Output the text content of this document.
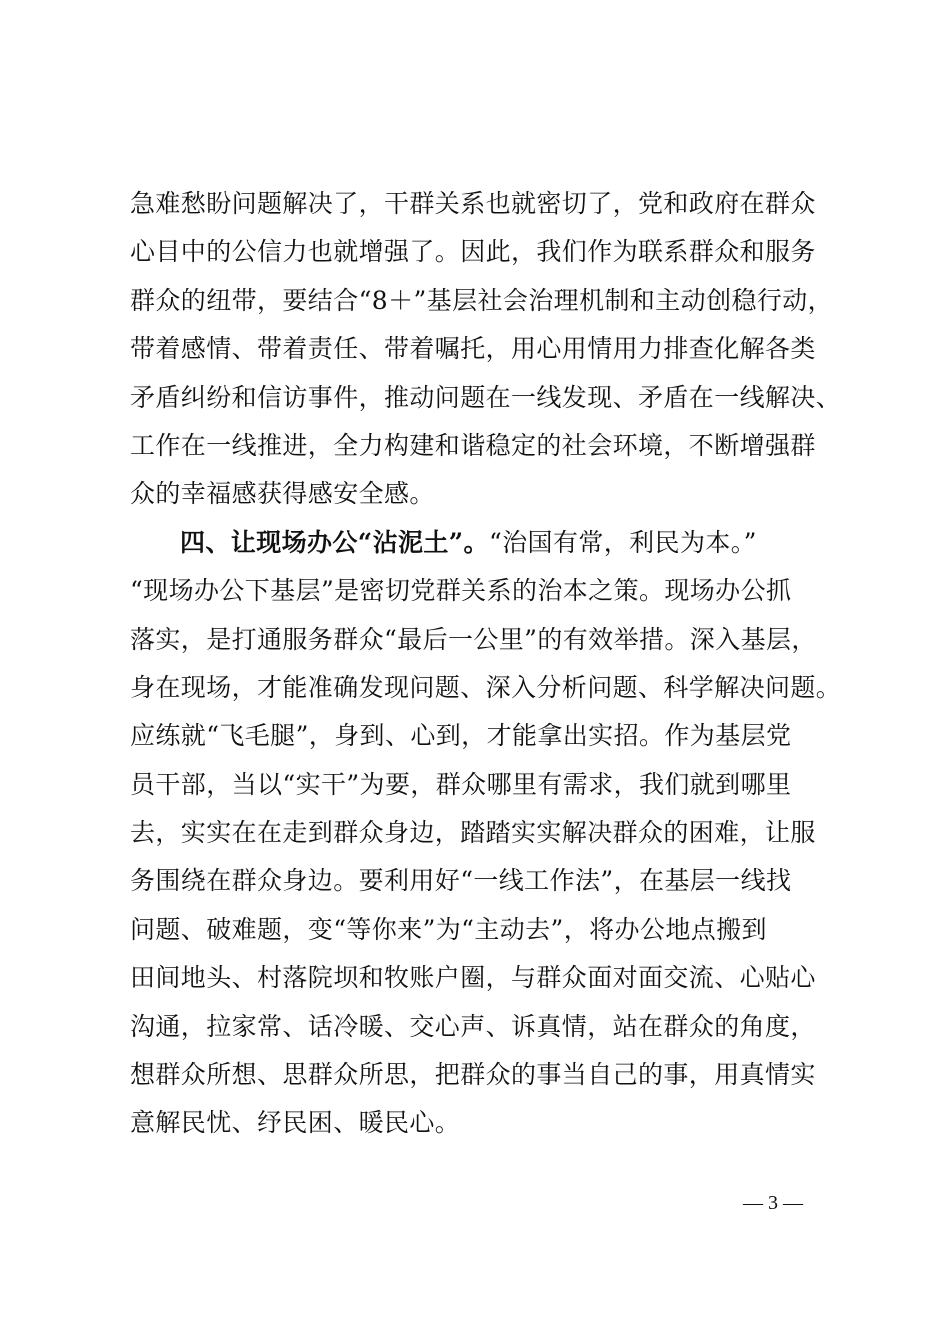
急难愁盼问题解决了，干群关系也就密切了，党和政府在群众
心目中的公信力也就增强了。因此，我们作为联系群众和服务
群众的纽带，要结合“8＋”基层社会治理机制和主动创稳行动，
带着感情、带着责任、带着嘱托，用心用情用力排查化解各类
矛盾纠纷和信访事件，推动问题在一线发现、矛盾在一线解决、
工作在一线推进，全力构建和谐稳定的社会环境，不断增强群
众的幸福感获得感安全感。
四、让现场办公“沾泥土”。“治国有常，利民为本。”
“现场办公下基层”是密切党群关系的治本之策。现场办公抓
落实，是打通服务群众“最后一公里”的有效举措。深入基层，
身在现场，才能准确发现问题、深入分析问题、科学解决问题。
应练就“飞毛腿”，身到、心到，才能拿出实招。作为基层党
员干部，当以“实干”为要，群众哪里有需求，我们就到哪里
去，实实在在走到群众身边，踏踏实实解决群众的困难，让服
务围绕在群众身边。要利用好“一线工作法”，在基层一线找
问题、破难题，变“等你来”为“主动去”，将办公地点搬到
田间地头、村落院坝和牧账户圈，与群众面对面交流、心贴心
沟通，拉家常、话冷暖、交心声、诉真情，站在群众的角度，
想群众所想、思群众所思，把群众的事当自己的事，用真情实
意解民忧、纾民困、暖民心。
— 3 —
